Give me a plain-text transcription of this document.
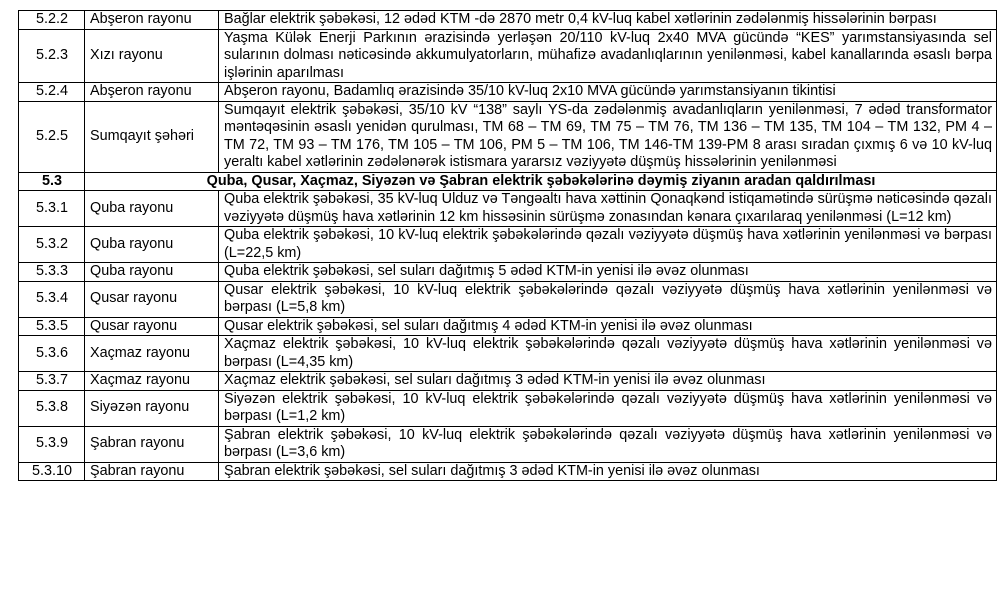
5.2.2	Abşeron rayonu	Bağlar elektrik şəbəkəsi, 12 ədəd KTM -də 2870 metr 0,4 kV-luq kabel xətlərinin zədələnmiş hissələrinin bərpası
5.2.3	Xızı rayonu	Yaşma Külək Enerji Parkının ərazisində yerləşən 20/110 kV-luq 2x40 MVA gücündə “KES” yarımstansiyasında sel sularının dolması nəticəsində akkumulyatorların, mühafizə avadanlıqlarının yenilənməsi, kabel kanallarında əsaslı bərpa işlərinin aparılması
5.2.4	Abşeron rayonu	Abşeron rayonu, Badamlıq ərazisində 35/10 kV-luq 2x10 MVA gücündə yarımstansiyanın tikintisi
5.2.5	Sumqayıt şəhəri	Sumqayıt elektrik şəbəkəsi, 35/10 kV “138” saylı YS-da zədələnmiş avadanlıqların yenilənməsi, 7 ədəd transformator məntəqəsinin əsaslı yenidən qurulması, TM 68 – TM 69, TM 75 – TM 76, TM 136 – TM 135, TM 104 – TM 132, PM 4 – TM 72, TM 93 – TM 176, TM 105 – TM 106, PM 5 – TM 106, TM 146-TM 139-PM 8 arası sıradan çıxmış 6 və 10 kV-luq yeraltı kabel xətlərinin zədələnərək istismara yararsız vəziyyətə düşmüş hissələrinin yenilənməsi
5.3	Quba, Qusar, Xaçmaz, Siyəzən və Şabran elektrik şəbəkələrinə dəymiş ziyanın aradan qaldırılması	
5.3.1	Quba rayonu	Quba elektrik şəbəkəsi, 35 kV-luq Ulduz və Təngəaltı hava xəttinin Qonaqkənd istiqamətində sürüşmə nəticəsində qəzalı vəziyyətə düşmüş hava xətlərinin 12 km hissəsinin sürüşmə zonasından kənara çıxarılaraq yenilənməsi (L=12 km)
5.3.2	Quba rayonu	Quba elektrik şəbəkəsi, 10 kV-luq elektrik şəbəkələrində qəzalı vəziyyətə düşmüş hava xətlərinin yenilənməsi və bərpası (L=22,5 km)
5.3.3	Quba rayonu	Quba elektrik şəbəkəsi, sel suları dağıtmış 5 ədəd KTM-in yenisi ilə əvəz olunması
5.3.4	Qusar rayonu	Qusar elektrik şəbəkəsi, 10 kV-luq elektrik şəbəkələrində qəzalı vəziyyətə düşmüş hava xətlərinin yenilənməsi və bərpası (L=5,8 km)
5.3.5	Qusar rayonu	Qusar elektrik şəbəkəsi, sel suları dağıtmış 4 ədəd KTM-in yenisi ilə əvəz olunması
5.3.6	Xaçmaz rayonu	Xaçmaz elektrik şəbəkəsi, 10 kV-luq elektrik şəbəkələrində qəzalı vəziyyətə düşmüş hava xətlərinin yenilənməsi və bərpası (L=4,35 km)
5.3.7	Xaçmaz rayonu	Xaçmaz elektrik şəbəkəsi, sel suları dağıtmış 3 ədəd KTM-in yenisi ilə əvəz olunması
5.3.8	Siyəzən rayonu	Siyəzən elektrik şəbəkəsi, 10 kV-luq elektrik şəbəkələrində qəzalı vəziyyətə düşmüş hava xətlərinin yenilənməsi və bərpası (L=1,2 km)
5.3.9	Şabran rayonu	Şabran elektrik şəbəkəsi, 10 kV-luq elektrik şəbəkələrində qəzalı vəziyyətə düşmüş hava xətlərinin yenilənməsi və bərpası (L=3,6 km)
5.3.10	Şabran rayonu	Şabran elektrik şəbəkəsi, sel suları dağıtmış 3 ədəd KTM-in yenisi ilə əvəz olunması
